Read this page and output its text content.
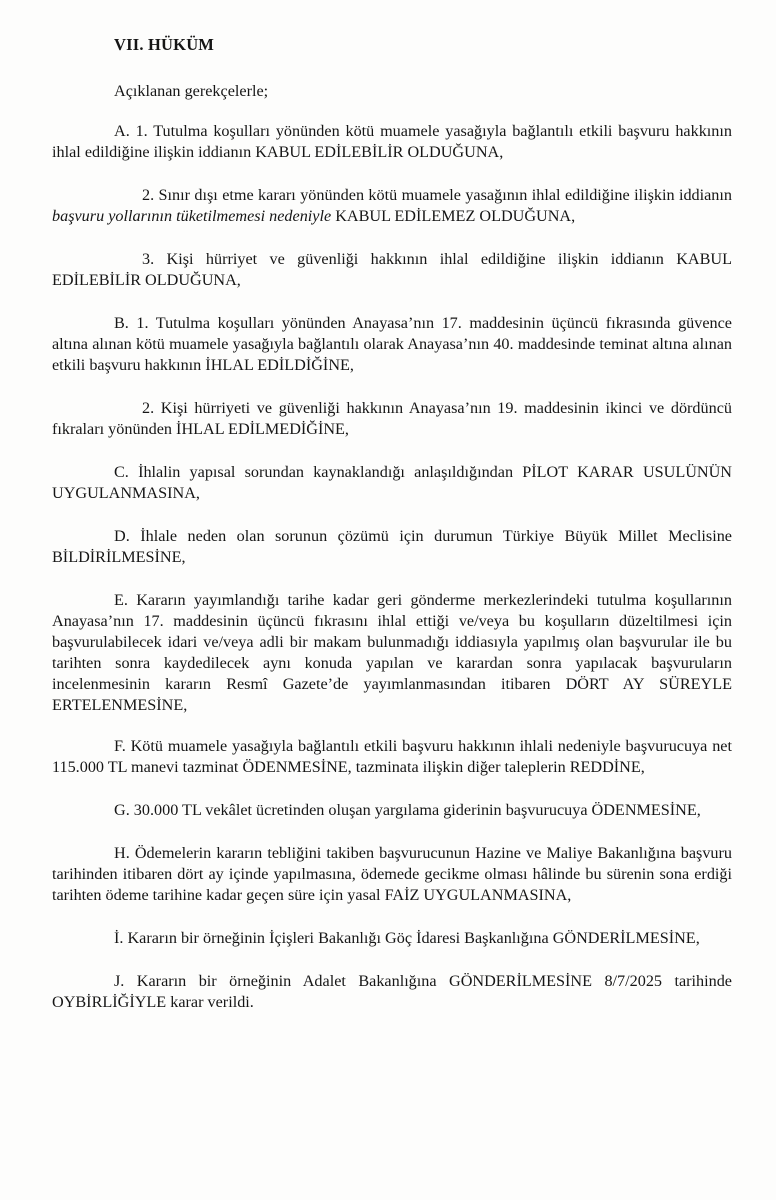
VII. HÜKÜM
Açıklanan gerekçelerle;

A. 1. Tutulma koşulları yönünden kötü muamele yasağıyla bağlantılı etkili başvuru hakkının ihlal edildiğine ilişkin iddianın KABUL EDİLEBİLİR OLDUĞUNA,

2. Sınır dışı etme kararı yönünden kötü muamele yasağının ihlal edildiğine ilişkin iddianın başvuru yollarının tüketilmemesi nedeniyle KABUL EDİLEMEZ OLDUĞUNA,

3. Kişi hürriyet ve güvenliği hakkının ihlal edildiğine ilişkin iddianın KABUL EDİLEBİLİR OLDUĞUNA,

B. 1. Tutulma koşulları yönünden Anayasa’nın 17. maddesinin üçüncü fıkrasında güvence altına alınan kötü muamele yasağıyla bağlantılı olarak Anayasa’nın 40. maddesinde teminat altına alınan etkili başvuru hakkının İHLAL EDİLDİĞİNE,

2. Kişi hürriyeti ve güvenliği hakkının Anayasa’nın 19. maddesinin ikinci ve dördüncü fıkraları yönünden İHLAL EDİLMEDİĞİNE,

C. İhlalin yapısal sorundan kaynaklandığı anlaşıldığından PİLOT KARAR USULÜNÜN UYGULANMASINA,

D. İhlale neden olan sorunun çözümü için durumun Türkiye Büyük Millet Meclisine BİLDİRİLMESİNE,

E. Kararın yayımlandığı tarihe kadar geri gönderme merkezlerindeki tutulma koşullarının Anayasa’nın 17. maddesinin üçüncü fıkrasını ihlal ettiği ve/veya bu koşulların düzeltilmesi için başvurulabilecek idari ve/veya adli bir makam bulunmadığı iddiasıyla yapılmış olan başvurular ile bu tarihten sonra kaydedilecek aynı konuda yapılan ve karardan sonra yapılacak başvuruların incelenmesinin kararın Resmî Gazete’de yayımlanmasından itibaren DÖRT AY SÜREYLE ERTELENMESİNE,

F. Kötü muamele yasağıyla bağlantılı etkili başvuru hakkının ihlali nedeniyle başvurucuya net 115.000 TL manevi tazminat ÖDENMESİNE, tazminata ilişkin diğer taleplerin REDDİNE,

G. 30.000 TL vekâlet ücretinden oluşan yargılama giderinin başvurucuya ÖDENMESİNE,

H. Ödemelerin kararın tebliğini takiben başvurucunun Hazine ve Maliye Bakanlığına başvuru tarihinden itibaren dört ay içinde yapılmasına, ödemede gecikme olması hâlinde bu sürenin sona erdiği tarihten ödeme tarihine kadar geçen süre için yasal FAİZ UYGULANMASINA,

İ. Kararın bir örneğinin İçişleri Bakanlığı Göç İdaresi Başkanlığına GÖNDERİLMESİNE,

J. Kararın bir örneğinin Adalet Bakanlığına GÖNDERİLMESİNE 8/7/2025 tarihinde OYBİRLİĞİYLE karar verildi.
